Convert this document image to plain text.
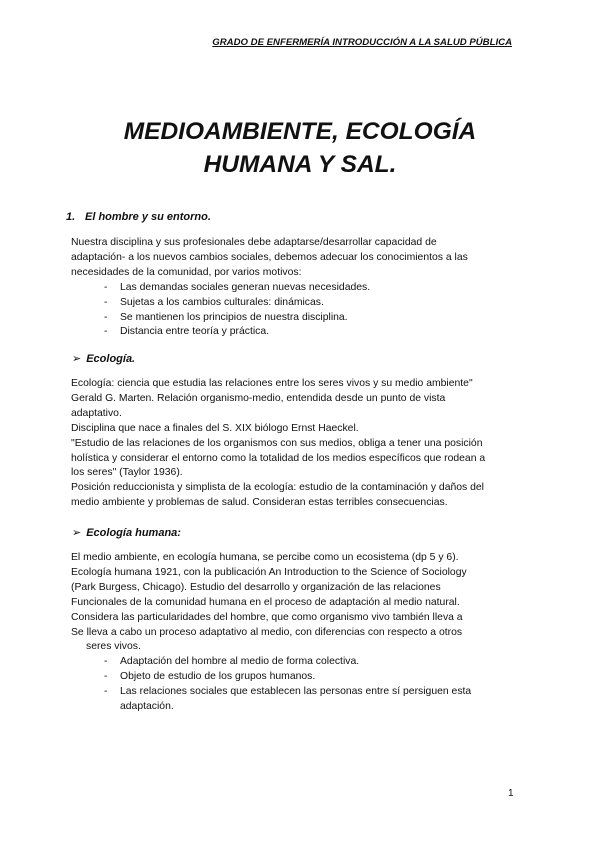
GRADO DE ENFERMERÍA INTRODUCCIÓN A LA SALUD PÚBLICA
MEDIOAMBIENTE, ECOLOGÍA
HUMANA Y SAL.
1. El hombre y su entorno.

Nuestra disciplina y sus profesionales debe adaptarse/desarrollar capacidad de

adaptación- a los nuevos cambios sociales, debemos adecuar los conocimientos a las

necesidades de la comunidad, por varios motivos:

- Las demandas sociales generan nuevas necesidades.
- Sujetas a los cambios culturales: dinámicas.
- Se mantienen los principios de nuestra disciplina.
- Distancia entre teoría y práctica.
➢ Ecología.

Ecología: ciencia que estudia las relaciones entre los seres vivos y su medio ambiente"

Gerald G. Marten. Relación organismo-medio, entendida desde un punto de vista

adaptativo.

Disciplina que nace a finales del S. XIX biólogo Ernst Haeckel.

"Estudio de las relaciones de los organismos con sus medios, obliga a tener una posición

holística y considerar el entorno como la totalidad de los medios específicos que rodean a

los seres" (Taylor 1936).

Posición reduccionista y simplista de la ecología: estudio de la contaminación y daños del

medio ambiente y problemas de salud. Consideran estas terribles consecuencias.

➢ Ecología humana:

El medio ambiente, en ecología humana, se percibe como un ecosistema (dp 5 y 6).

Ecología humana 1921, con la publicación An Introduction to the Science of Sociology

(Park Burgess, Chicago). Estudio del desarrollo y organización de las relaciones

Funcionales de la comunidad humana en el proceso de adaptación al medio natural.

Considera las particularidades del hombre, que como organismo vivo también lleva a

Se lleva a cabo un proceso adaptativo al medio, con diferencias con respecto a otros

seres vivos.

- Adaptación del hombre al medio de forma colectiva.
- Objeto de estudio de los grupos humanos.
- Las relaciones sociales que establecen las personas entre sí persiguen esta
adaptación.
1
